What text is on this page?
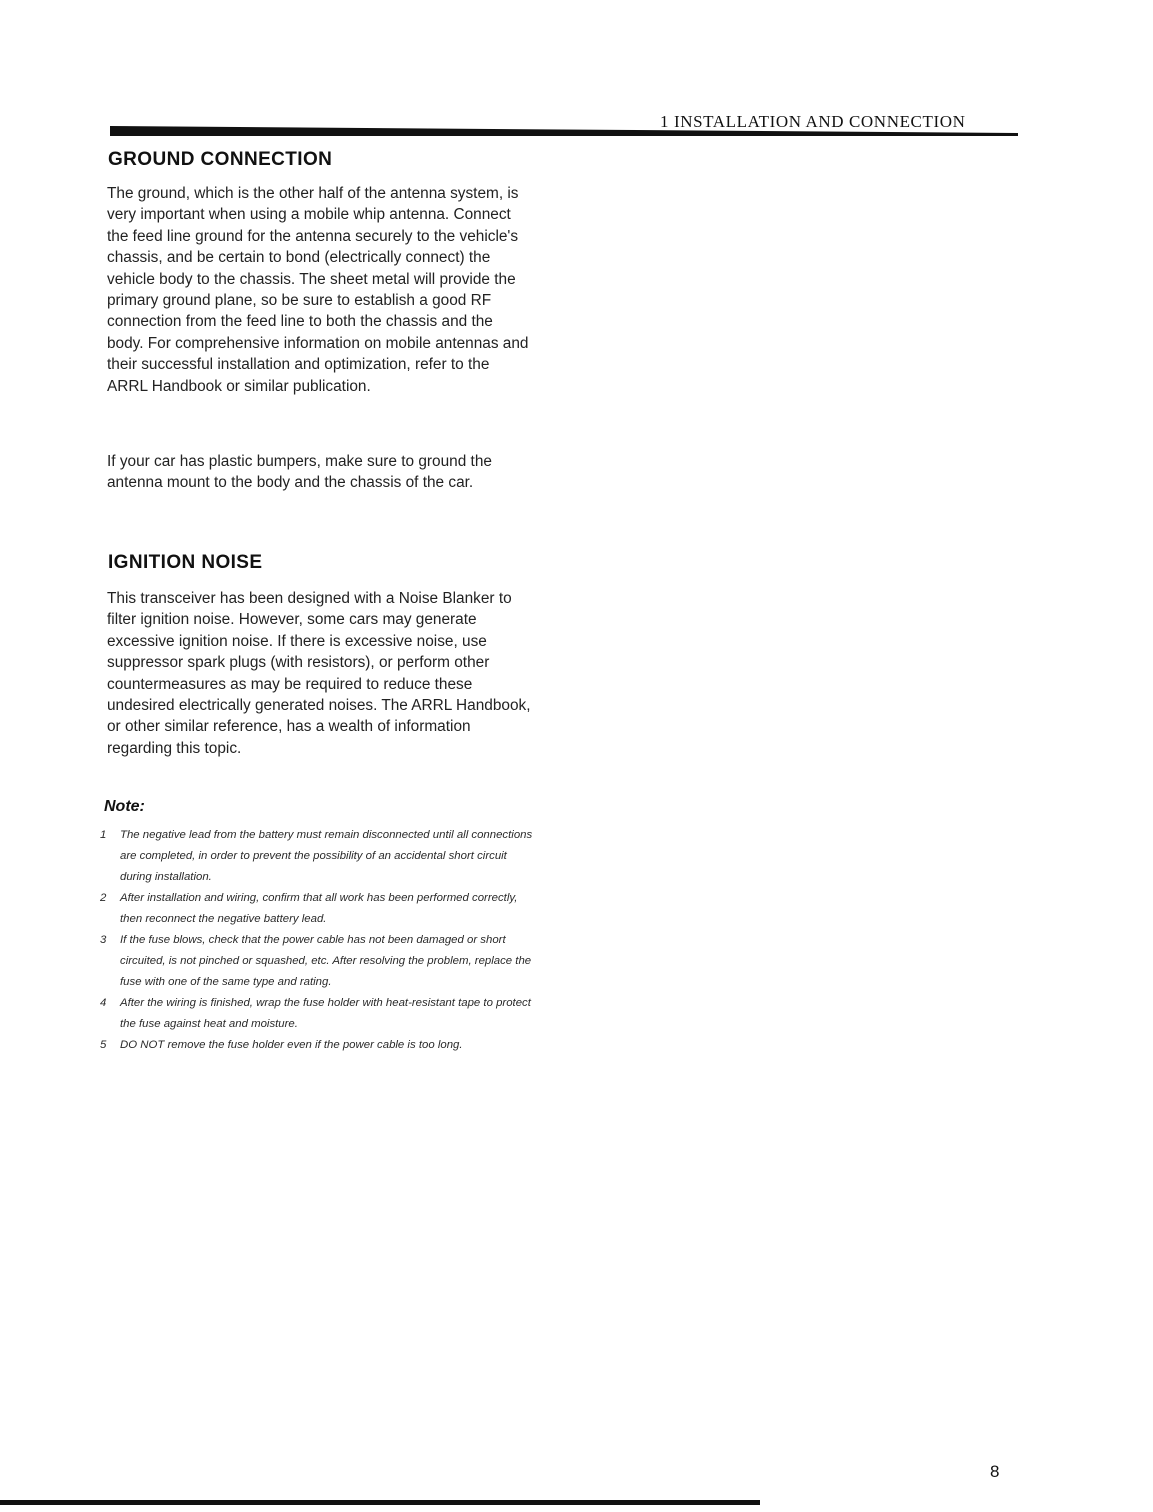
1 INSTALLATION AND CONNECTION
GROUND CONNECTION

The ground, which is the other half of the antenna system, is very important when using a mobile whip antenna. Connect the feed line ground for the antenna securely to the vehicle's chassis, and be certain to bond (electrically connect) the vehicle body to the chassis. The sheet metal will provide the primary ground plane, so be sure to establish a good RF connection from the feed line to both the chassis and the body. For comprehensive information on mobile antennas and their successful installation and optimization, refer to the ARRL Handbook or similar publication.

If your car has plastic bumpers, make sure to ground the antenna mount to the body and the chassis of the car.

IGNITION NOISE

This transceiver has been designed with a Noise Blanker to filter ignition noise. However, some cars may generate excessive ignition noise. If there is excessive noise, use suppressor spark plugs (with resistors), or perform other countermeasures as may be required to reduce these undesired electrically generated noises. The ARRL Handbook, or other similar reference, has a wealth of information regarding this topic.

Note:
1	The negative lead from the battery must remain disconnected until all connections are completed, in order to prevent the possibility of an accidental short circuit during installation.
2	After installation and wiring, confirm that all work has been performed correctly, then reconnect the negative battery lead.
3	If the fuse blows, check that the power cable has not been damaged or short circuited, is not pinched or squashed, etc. After resolving the problem, replace the fuse with one of the same type and rating.
4	After the wiring is finished, wrap the fuse holder with heat-resistant tape to protect the fuse against heat and moisture.
5	DO NOT remove the fuse holder even if the power cable is too long.
8
